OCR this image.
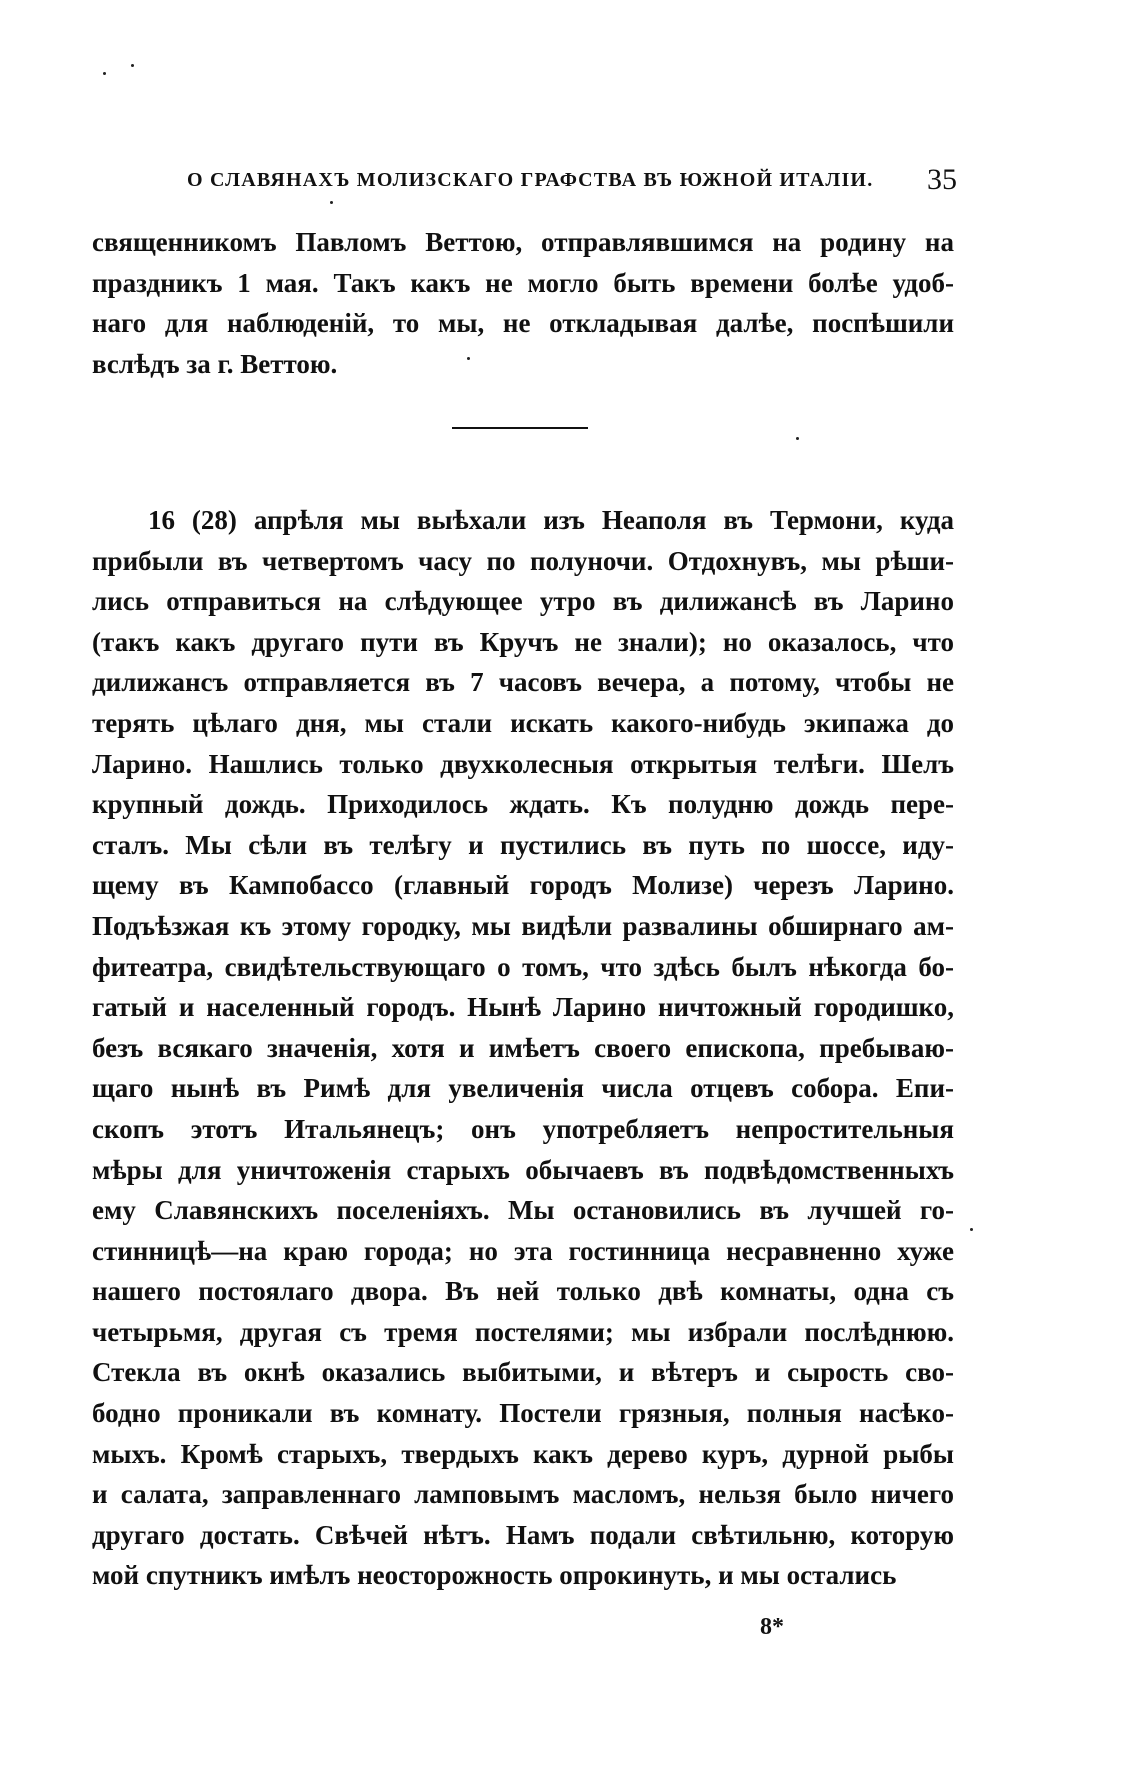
О СЛАВЯНАХЪ МОЛИЗСКАГО ГРАФСТВА ВЪ ЮЖНОЙ ИТАЛІИ. 35
священникомъ Павломъ Веттою, отправлявшимся на родину на
праздникъ 1 мая. Такъ какъ не могло быть времени болѣе удоб-
наго для наблюденій, то мы, не откладывая далѣе, поспѣшили
вслѣдъ за г. Веттою.
16 (28) апрѣля мы выѣхали изъ Неаполя въ Термони, куда
прибыли въ четвертомъ часу по полуночи. Отдохнувъ, мы рѣши-
лись отправиться на слѣдующее утро въ дилижансѣ въ Ларино
(такъ какъ другаго пути въ Кручъ не знали); но оказалось, что
дилижансъ отправляется въ 7 часовъ вечера, а потому, чтобы не
терять цѣлаго дня, мы стали искать какого-нибудь экипажа до
Ларино. Нашлись только двухколесныя открытыя телѣги. Шелъ
крупный дождь. Приходилось ждать. Къ полудню дождь пере-
сталъ. Мы сѣли въ телѣгу и пустились въ путь по шоссе, иду-
щему въ Кампобассо (главный городъ Молизе) черезъ Ларино.
Подъѣзжая къ этому городку, мы видѣли развалины обширнаго ам-
фитеатра, свидѣтельствующаго о томъ, что здѣсь былъ нѣкогда бо-
гатый и населенный городъ. Нынѣ Ларино ничтожный городишко,
безъ всякаго значенія, хотя и имѣетъ своего епископа, пребываю-
щаго нынѣ въ Римѣ для увеличенія числа отцевъ собора. Епи-
скопъ этотъ Итальянецъ; онъ употребляетъ непростительныя
мѣры для уничтоженія старыхъ обычаевъ въ подвѣдомственныхъ
ему Славянскихъ поселеніяхъ. Мы остановились въ лучшей го-
стинницѣ—на краю города; но эта гостинница несравненно хуже
нашего постоялаго двора. Въ ней только двѣ комнаты, одна съ
четырьмя, другая съ тремя постелями; мы избрали послѣднюю.
Стекла въ окнѣ оказались выбитыми, и вѣтеръ и сырость сво-
бодно проникали въ комнату. Постели грязныя, полныя насѣко-
мыхъ. Кромѣ старыхъ, твердыхъ какъ дерево куръ, дурной рыбы
и салата, заправленнаго ламповымъ масломъ, нельзя было ничего
другаго достать. Свѣчей нѣтъ. Намъ подали свѣтильню, которую
мой спутникъ имѣлъ неосторожность опрокинуть, и мы остались
8*
